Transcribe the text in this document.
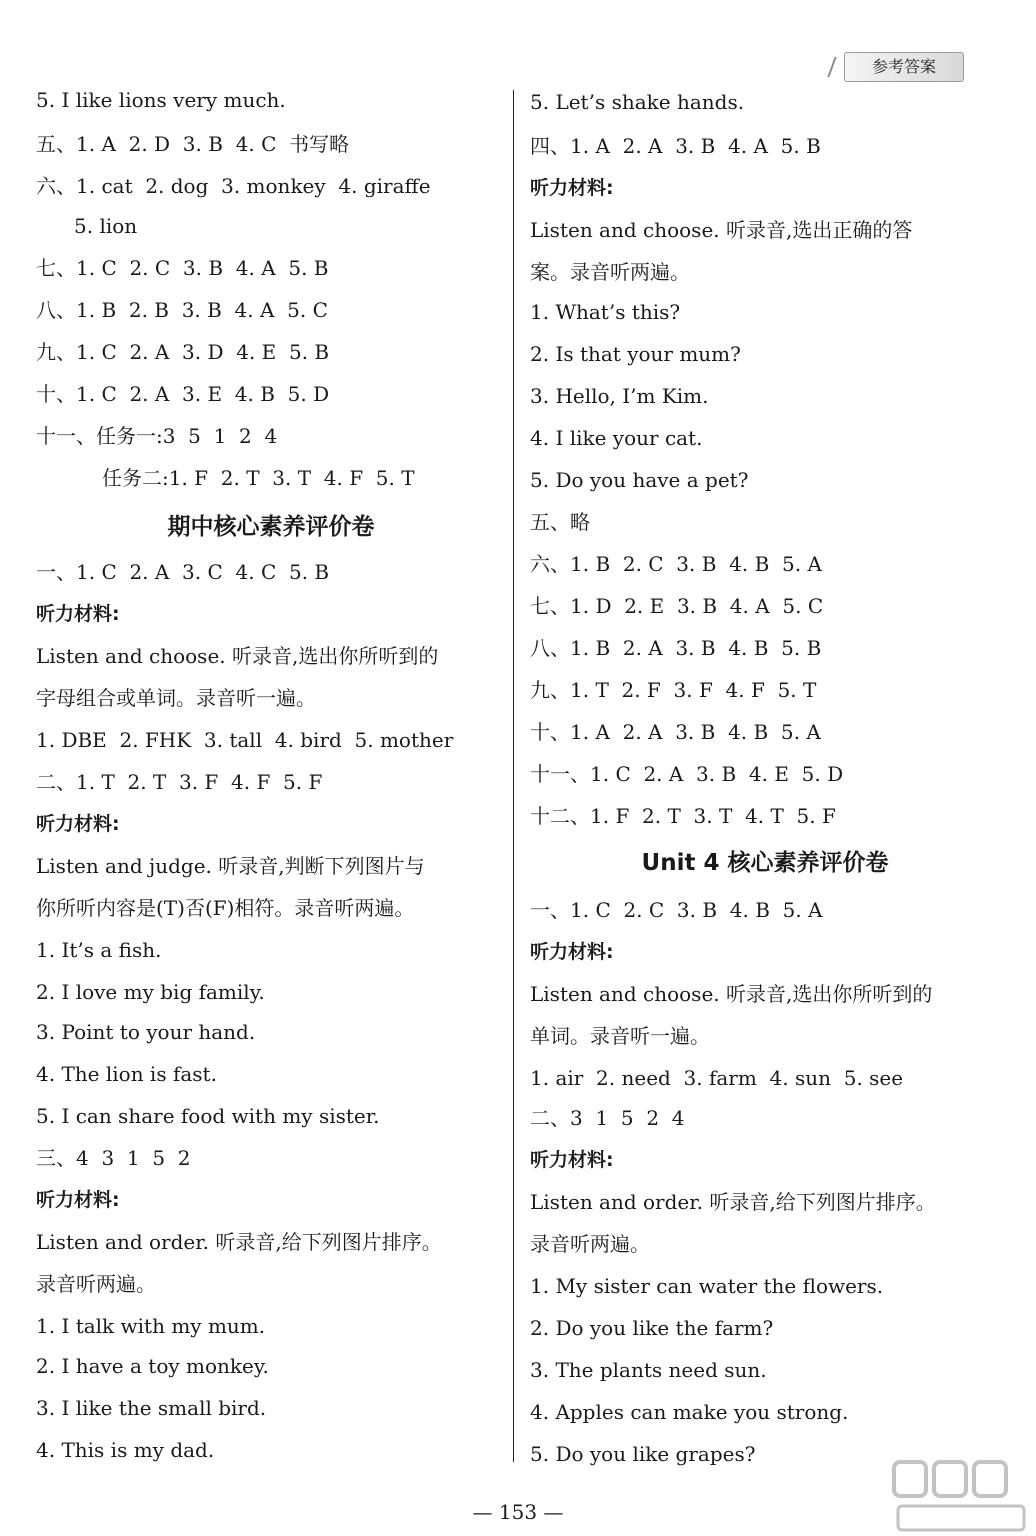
参考答案
5. I like lions very much.
五、1. A  2. D  3. B  4. C  书写略
六、1. cat  2. dog  3. monkey  4. giraffe
5. lion
七、1. C  2. C  3. B  4. A  5. B
八、1. B  2. B  3. B  4. A  5. C
九、1. C  2. A  3. D  4. E  5. B
十、1. C  2. A  3. E  4. B  5. D
十一、任务一:3  5  1  2  4
任务二:1. F  2. T  3. T  4. F  5. T
期中核心素养评价卷
一、1. C  2. A  3. C  4. C  5. B
听力材料:
Listen and choose. 听录音,选出你所听到的
字母组合或单词。录音听一遍。
1. DBE  2. FHK  3. tall  4. bird  5. mother
二、1. T  2. T  3. F  4. F  5. F
听力材料:
Listen and judge. 听录音,判断下列图片与
你所听内容是(T)否(F)相符。录音听两遍。
1. It’s a fish.
2. I love my big family.
3. Point to your hand.
4. The lion is fast.
5. I can share food with my sister.
三、4  3  1  5  2
听力材料:
Listen and order. 听录音,给下列图片排序。
录音听两遍。
1. I talk with my mum.
2. I have a toy monkey.
3. I like the small bird.
4. This is my dad.
5. Let’s shake hands.
四、1. A  2. A  3. B  4. A  5. B
听力材料:
Listen and choose. 听录音,选出正确的答
案。录音听两遍。
1. What’s this?
2. Is that your mum?
3. Hello, I’m Kim.
4. I like your cat.
5. Do you have a pet?
五、略
六、1. B  2. C  3. B  4. B  5. A
七、1. D  2. E  3. B  4. A  5. C
八、1. B  2. A  3. B  4. B  5. B
九、1. T  2. F  3. F  4. F  5. T
十、1. A  2. A  3. B  4. B  5. A
十一、1. C  2. A  3. B  4. E  5. D
十二、1. F  2. T  3. T  4. T  5. F
Unit 4 核心素养评价卷
一、1. C  2. C  3. B  4. B  5. A
听力材料:
Listen and choose. 听录音,选出你所听到的
单词。录音听一遍。
1. air  2. need  3. farm  4. sun  5. see
二、3  1  5  2  4
听力材料:
Listen and order. 听录音,给下列图片排序。
录音听两遍。
1. My sister can water the flowers.
2. Do you like the farm?
3. The plants need sun.
4. Apples can make you strong.
5. Do you like grapes?
— 153 —
